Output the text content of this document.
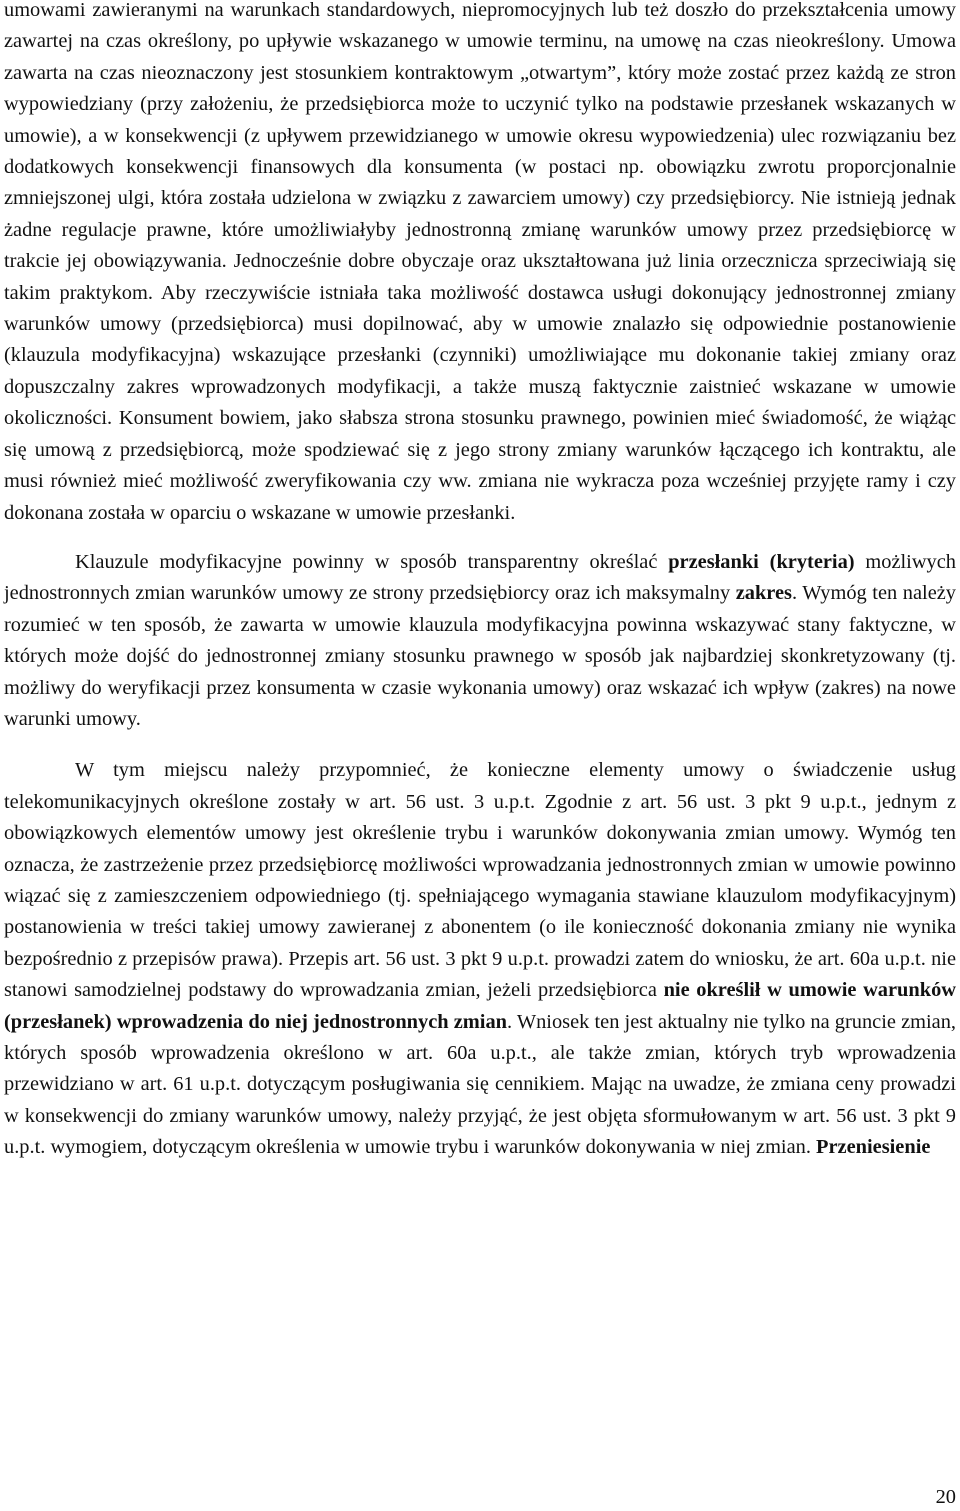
umowami zawieranymi na warunkach standardowych, niepromocyjnych lub też doszło do przekształcenia umowy zawartej na czas określony, po upływie wskazanego w umowie terminu, na umowę na czas nieokreślony. Umowa zawarta na czas nieoznaczony jest stosunkiem kontraktowym „otwartym”, który może zostać przez każdą ze stron wypowiedziany (przy założeniu, że przedsiębiorca może to uczynić tylko na podstawie przesłanek wskazanych w umowie), a w konsekwencji (z upływem przewidzianego w umowie okresu wypowiedzenia) ulec rozwiązaniu bez dodatkowych konsekwencji finansowych dla konsumenta (w postaci np. obowiązku zwrotu proporcjonalnie zmniejszonej ulgi, która została udzielona w związku z zawarciem umowy) czy przedsiębiorcy. Nie istnieją jednak żadne regulacje prawne, które umożliwiałyby jednostronną zmianę warunków umowy przez przedsiębiorcę w trakcie jej obowiązywania. Jednocześnie dobre obyczaje oraz ukształtowana już linia orzecznicza sprzeciwiają się takim praktykom. Aby rzeczywiście istniała taka możliwość dostawca usługi dokonujący jednostronnej zmiany warunków umowy (przedsiębiorca) musi dopilnować, aby w umowie znalazło się odpowiednie postanowienie (klauzula modyfikacyjna) wskazujące przesłanki (czynniki) umożliwiające mu dokonanie takiej zmiany oraz dopuszczalny zakres wprowadzonych modyfikacji, a także muszą faktycznie zaistnieć wskazane w umowie okoliczności. Konsument bowiem, jako słabsza strona stosunku prawnego, powinien mieć świadomość, że wiążąc się umową z przedsiębiorcą, może spodziewać się z jego strony zmiany warunków łączącego ich kontraktu, ale musi również mieć możliwość zweryfikowania czy ww. zmiana nie wykracza poza wcześniej przyjęte ramy i czy dokonana została w oparciu o wskazane w umowie przesłanki.

Klauzule modyfikacyjne powinny w sposób transparentny określać przesłanki (kryteria) możliwych jednostronnych zmian warunków umowy ze strony przedsiębiorcy oraz ich maksymalny zakres. Wymóg ten należy rozumieć w ten sposób, że zawarta w umowie klauzula modyfikacyjna powinna wskazywać stany faktyczne, w których może dojść do jednostronnej zmiany stosunku prawnego w sposób jak najbardziej skonkretyzowany (tj. możliwy do weryfikacji przez konsumenta w czasie wykonania umowy) oraz wskazać ich wpływ (zakres) na nowe warunki umowy.

W tym miejscu należy przypomnieć, że konieczne elementy umowy o świadczenie usług telekomunikacyjnych określone zostały w art. 56 ust. 3 u.p.t. Zgodnie z art. 56 ust. 3 pkt 9 u.p.t., jednym z obowiązkowych elementów umowy jest określenie trybu i warunków dokonywania zmian umowy. Wymóg ten oznacza, że zastrzeżenie przez przedsiębiorcę możliwości wprowadzania jednostronnych zmian w umowie powinno wiązać się z zamieszczeniem odpowiedniego (tj. spełniającego wymagania stawiane klauzulom modyfikacyjnym) postanowienia w treści takiej umowy zawieranej z abonentem (o ile konieczność dokonania zmiany nie wynika bezpośrednio z przepisów prawa). Przepis art. 56 ust. 3 pkt 9 u.p.t. prowadzi zatem do wniosku, że art. 60a u.p.t. nie stanowi samodzielnej podstawy do wprowadzania zmian, jeżeli przedsiębiorca nie określił w umowie warunków (przesłanek) wprowadzenia do niej jednostronnych zmian. Wniosek ten jest aktualny nie tylko na gruncie zmian, których sposób wprowadzenia określono w art. 60a u.p.t., ale także zmian, których tryb wprowadzenia przewidziano w art. 61 u.p.t. dotyczącym posługiwania się cennikiem. Mając na uwadze, że zmiana ceny prowadzi w konsekwencji do zmiany warunków umowy, należy przyjąć, że jest objęta sformułowanym w art. 56 ust. 3 pkt 9 u.p.t. wymogiem, dotyczącym określenia w umowie trybu i warunków dokonywania w niej zmian. Przeniesienie

20
